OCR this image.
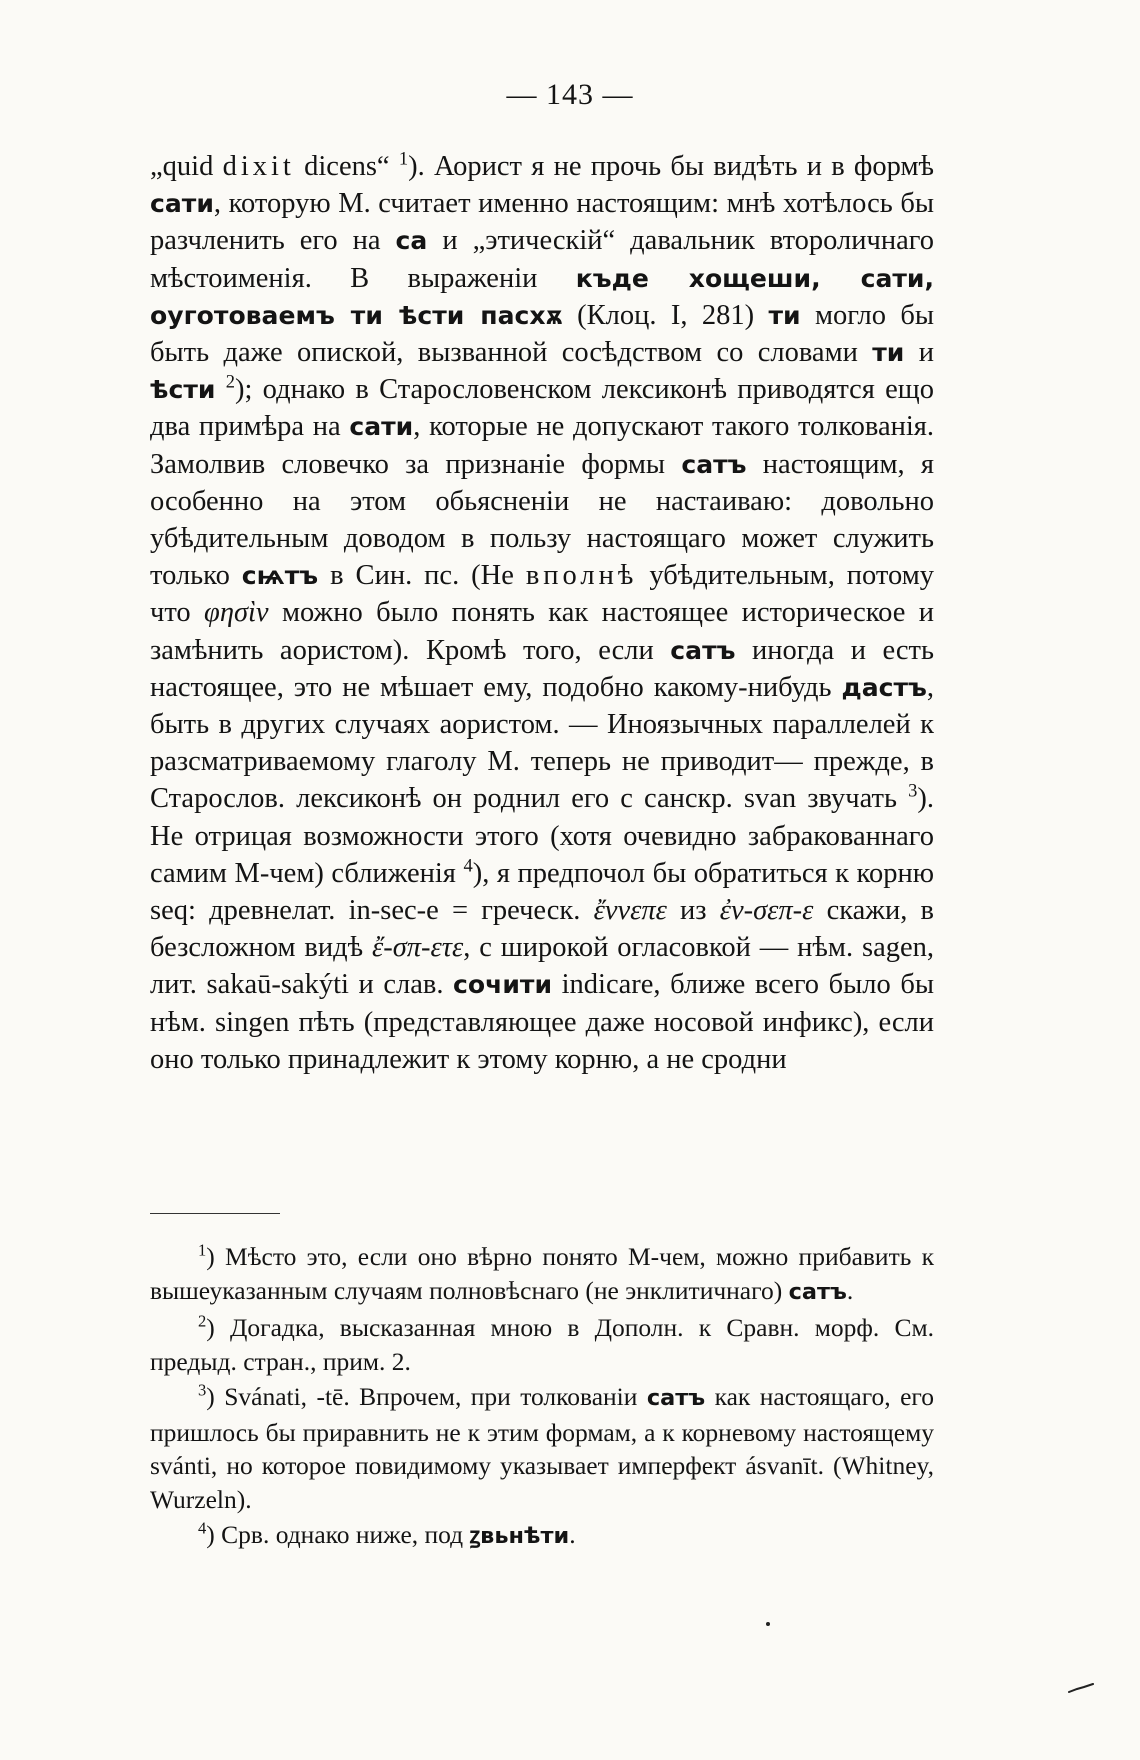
— 143 —

„quid dixit dicens“ $^1$). Аорист я не прочь бы видѣть и в формѣ сати, которую М. считает именно настоящим: мнѣ хотѣлось бы разчленить его на са и „этическій“ давальник второличнаго мѣстоименія. В выраженіи къде хощеши, сати, оуготоваемъ ти ѣсти пасхѫ (Клоц. I, 281) ти могло бы быть даже опиской, вызванной сосѣдством со словами ти и ѣсти $^2$); однако в Старословенском лексиконѣ приводятся ещо два примѣра на сати, которые не допускают такого толкованія. Замолвив словечко за признаніе формы сатъ настоящим, я особенно на этом обьясненіи не настаиваю: довольно убѣдительным доводом в пользу настоящаго может служить только сѩтъ в Син. пс. (Не вполнѣ убѣдительным, потому что φησὶν можно было понять как настоящее историческое и замѣнить аористом). Кромѣ того, если сатъ иногда и есть настоящее, это не мѣшает ему, подобно какому-нибудь дастъ, быть в других случаях аористом. — Иноязычных параллелей к разсматриваемому глаголу М. теперь не приводит— прежде, в Старослов. лексиконѣ он роднил его с санскр. svan звучать $^3$). Не отрицая возможности этого (хотя очевидно забракованнаго самим М-чем) сближенія $^4$), я предпочол бы обратиться к корню seq: древнелат. in-sec-e = греческ. ἔννεπε из ἐν-σεπ-ε скажи, в безсложном видѣ ἔ-σπ-ετε, с широкой огласовкой — нѣм. sagen, лит. sakaū-sakýti и слав. сочити indicare, ближе всего было бы нѣм. singen пѣть (представляющее даже носовой инфикс), если оно только принадлежит к этому корню, а не сродни

$^1$) Мѣсто это, если оно вѣрно понято М-чем, можно прибавить к вышеуказанным случаям полновѣснаго (не энклитичнаго) сатъ.

$^2$) Догадка, высказанная мною в Дополн. к Сравн. морф. См. предыд. стран., прим. 2.

$^3$) Svánati, -tē. Впрочем, при толкованіи сатъ как настоящаго, его пришлось бы приравнить не к этим формам, а к корневому настоящему svánti, но которое повидимому указывает имперфект ásvanīt. (Whitney, Wurzeln).

$^4$) Срв. однако ниже, под ꙁвьнѣти.
